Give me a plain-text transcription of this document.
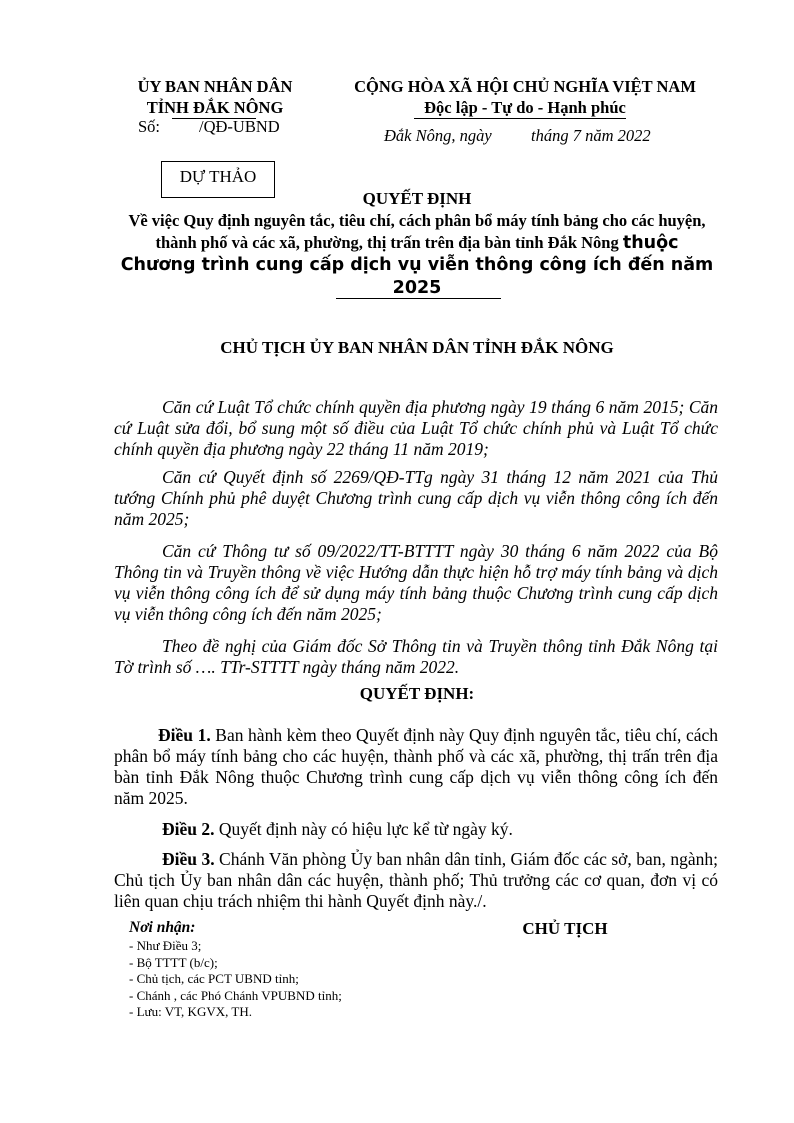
ỦY BAN NHÂN DÂN
TỈNH ĐẮK NÔNG
Số: /QĐ-UBND
CỘNG HÒA XÃ HỘI CHỦ NGHĨA VIỆT NAM
Độc lập - Tự do - Hạnh phúc
Đắk Nông, ngày tháng 7 năm 2022
DỰ THẢO
QUYẾT ĐỊNH
Về việc Quy định nguyên tắc, tiêu chí, cách phân bổ máy tính bảng cho các huyện, thành phố và các xã, phường, thị trấn trên địa bàn tỉnh Đắk Nông thuộc Chương trình cung cấp dịch vụ viễn thông công ích đến năm 2025
CHỦ TỊCH ỦY BAN NHÂN DÂN TỈNH ĐẮK NÔNG
Căn cứ Luật Tổ chức chính quyền địa phương ngày 19 tháng 6 năm 2015; Căn cứ Luật sửa đổi, bổ sung một số điều của Luật Tổ chức chính phủ và Luật Tổ chức chính quyền địa phương ngày 22 tháng 11 năm 2019;
Căn cứ Quyết định số 2269/QĐ-TTg ngày 31 tháng 12 năm 2021 của Thủ tướng Chính phủ phê duyệt Chương trình cung cấp dịch vụ viễn thông công ích đến năm 2025;
Căn cứ Thông tư số 09/2022/TT-BTTTT ngày 30 tháng 6 năm 2022 của Bộ Thông tin và Truyền thông về việc Hướng dẫn thực hiện hỗ trợ máy tính bảng và dịch vụ viễn thông công ích để sử dụng máy tính bảng thuộc Chương trình cung cấp dịch vụ viễn thông công ích đến năm 2025;
Theo đề nghị của Giám đốc Sở Thông tin và Truyền thông tỉnh Đắk Nông tại Tờ trình số …. TTr-STTTT ngày tháng năm 2022.
QUYẾT ĐỊNH:
Điều 1. Ban hành kèm theo Quyết định này Quy định nguyên tắc, tiêu chí, cách phân bổ máy tính bảng cho các huyện, thành phố và các xã, phường, thị trấn trên địa bàn tỉnh Đắk Nông thuộc Chương trình cung cấp dịch vụ viễn thông công ích đến năm 2025.
Điều 2. Quyết định này có hiệu lực kể từ ngày ký.
Điều 3. Chánh Văn phòng Ủy ban nhân dân tỉnh, Giám đốc các sở, ban, ngành; Chủ tịch Ủy ban nhân dân các huyện, thành phố; Thủ trưởng các cơ quan, đơn vị có liên quan chịu trách nhiệm thi hành Quyết định này./.
Nơi nhận:
- Như Điều 3;
- Bộ TTTT (b/c);
- Chủ tịch, các PCT UBND tỉnh;
- Chánh , các Phó Chánh VPUBND tỉnh;
- Lưu: VT, KGVX, TH.
CHỦ TỊCH
